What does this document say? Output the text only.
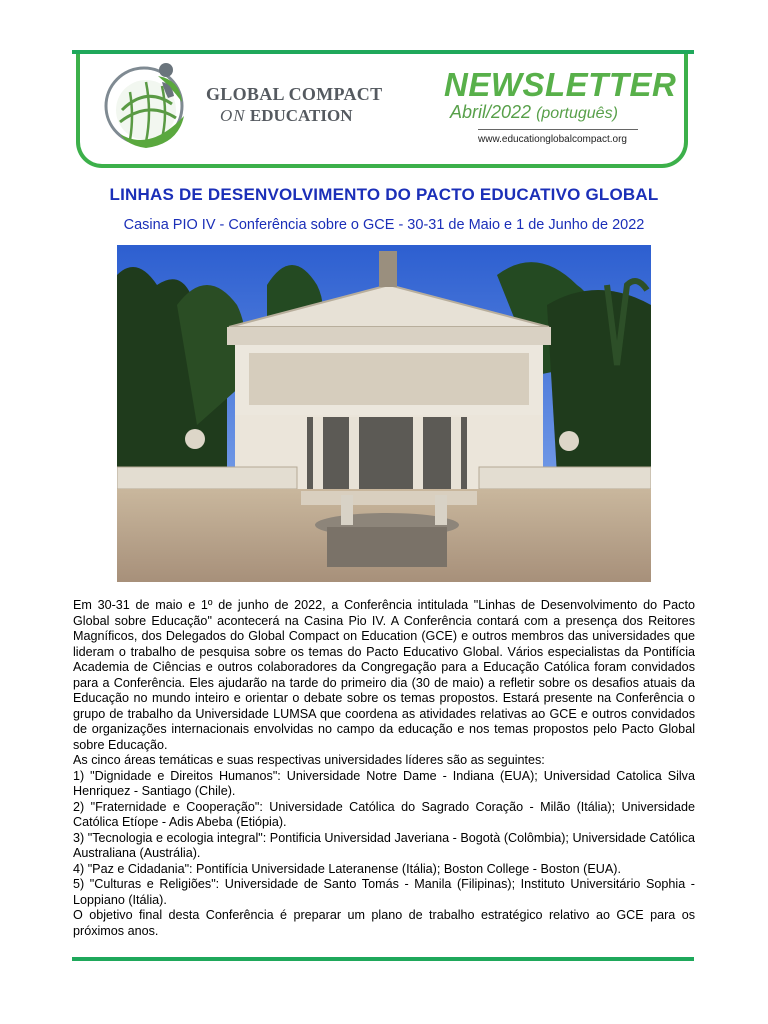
GLOBAL COMPACT
ON EDUCATION
NEWSLETTER
Abril/2022 (português)
www.educationglobalcompact.org
LINHAS DE DESENVOLVIMENTO DO PACTO EDUCATIVO GLOBAL
Casina PIO IV - Conferência sobre o GCE - 30-31 de Maio e 1 de Junho de 2022

Em 30-31 de maio e 1º de junho de 2022, a Conferência intitulada "Linhas de Desenvolvimento do Pacto Global sobre Educação" acontecerá na Casina Pio IV. A Conferência contará com a presença dos Reitores Magníficos, dos Delegados do Global Compact on Education (GCE) e outros membros das universidades que lideram o trabalho de pesquisa sobre os temas do Pacto Educativo Global. Vários especialistas da Pontifícia Academia de Ciências e outros colaboradores da Congregação para a Educação Católica foram convidados para a Conferência. Eles ajudarão na tarde do primeiro dia (30 de maio) a refletir sobre os desafios atuais da Educação no mundo inteiro e orientar o debate sobre os temas propostos. Estará presente na Conferência o grupo de trabalho da Universidade LUMSA que coordena as atividades relativas ao GCE e outros convidados de organizações internacionais envolvidas no campo da educação e nos temas propostos pelo Pacto Global sobre Educação.

As cinco áreas temáticas e suas respectivas universidades líderes são as seguintes:

1) "Dignidade e Direitos Humanos": Universidade Notre Dame - Indiana (EUA); Universidad Catolica Silva Henriquez - Santiago (Chile).

2) "Fraternidade e Cooperação": Universidade Católica do Sagrado Coração - Milão (Itália); Universidade Católica Etíope - Adis Abeba (Etiópia).

3) "Tecnologia e ecologia integral": Pontificia Universidad Javeriana - Bogotà (Colômbia); Universidade Católica Australiana (Austrália).

4) "Paz e Cidadania": Pontifícia Universidade Lateranense (Itália); Boston College - Boston (EUA).

5) "Culturas e Religiões": Universidade de Santo Tomás - Manila (Filipinas); Instituto Universitário Sophia - Loppiano (Itália).

O objetivo final desta Conferência é preparar um plano de trabalho estratégico relativo ao GCE para os próximos anos.
